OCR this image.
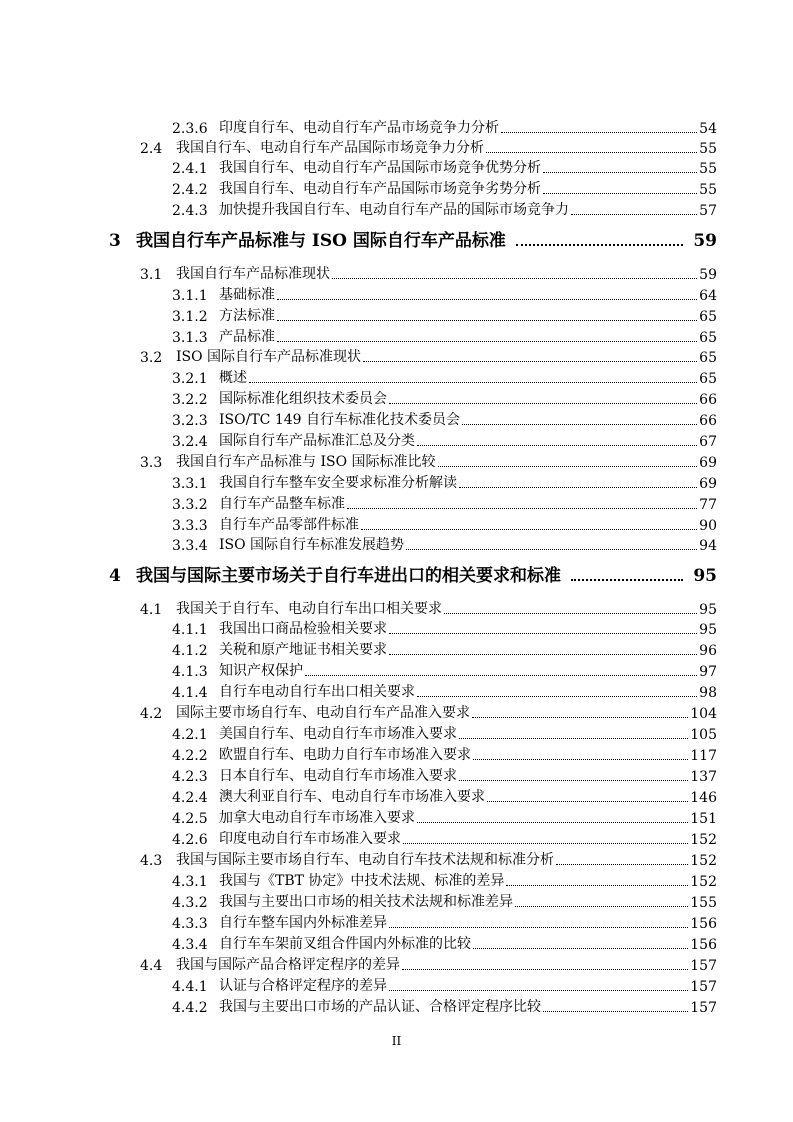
2.3.6 印度自行车、电动自行车产品市场竞争力分析	54
2.4 我国自行车、电动自行车产品国际市场竞争力分析	55
2.4.1 我国自行车、电动自行车产品国际市场竞争优势分析	55
2.4.2 我国自行车、电动自行车产品国际市场竞争劣势分析	55
2.4.3 加快提升我国自行车、电动自行车产品的国际市场竞争力	57
3 我国自行车产品标准与 ISO 国际自行车产品标准	59
3.1 我国自行车产品标准现状	59
3.1.1 基础标准	64
3.1.2 方法标准	65
3.1.3 产品标准	65
3.2 ISO 国际自行车产品标准现状	65
3.2.1 概述	65
3.2.2 国际标准化组织技术委员会	66
3.2.3 ISO/TC 149 自行车标准化技术委员会	66
3.2.4 国际自行车产品标准汇总及分类	67
3.3 我国自行车产品标准与 ISO 国际标准比较	69
3.3.1 我国自行车整车安全要求标准分析解读	69
3.3.2 自行车产品整车标准	77
3.3.3 自行车产品零部件标准	90
3.3.4 ISO 国际自行车标准发展趋势	94
4 我国与国际主要市场关于自行车进出口的相关要求和标准	95
4.1 我国关于自行车、电动自行车出口相关要求	95
4.1.1 我国出口商品检验相关要求	95
4.1.2 关税和原产地证书相关要求	96
4.1.3 知识产权保护	97
4.1.4 自行车电动自行车出口相关要求	98
4.2 国际主要市场自行车、电动自行车产品准入要求	104
4.2.1 美国自行车、电动自行车市场准入要求	105
4.2.2 欧盟自行车、电助力自行车市场准入要求	117
4.2.3 日本自行车、电动自行车市场准入要求	137
4.2.4 澳大利亚自行车、电动自行车市场准入要求	146
4.2.5 加拿大电动自行车市场准入要求	151
4.2.6 印度电动自行车市场准入要求	152
4.3 我国与国际主要市场自行车、电动自行车技术法规和标准分析	152
4.3.1 我国与《TBT 协定》中技术法规、标准的差异	152
4.3.2 我国与主要出口市场的相关技术法规和标准差异	155
4.3.3 自行车整车国内外标准差异	156
4.3.4 自行车车架前叉组合件国内外标准的比较	156
4.4 我国与国际产品合格评定程序的差异	157
4.4.1 认证与合格评定程序的差异	157
4.4.2 我国与主要出口市场的产品认证、合格评定程序比较	157
II
